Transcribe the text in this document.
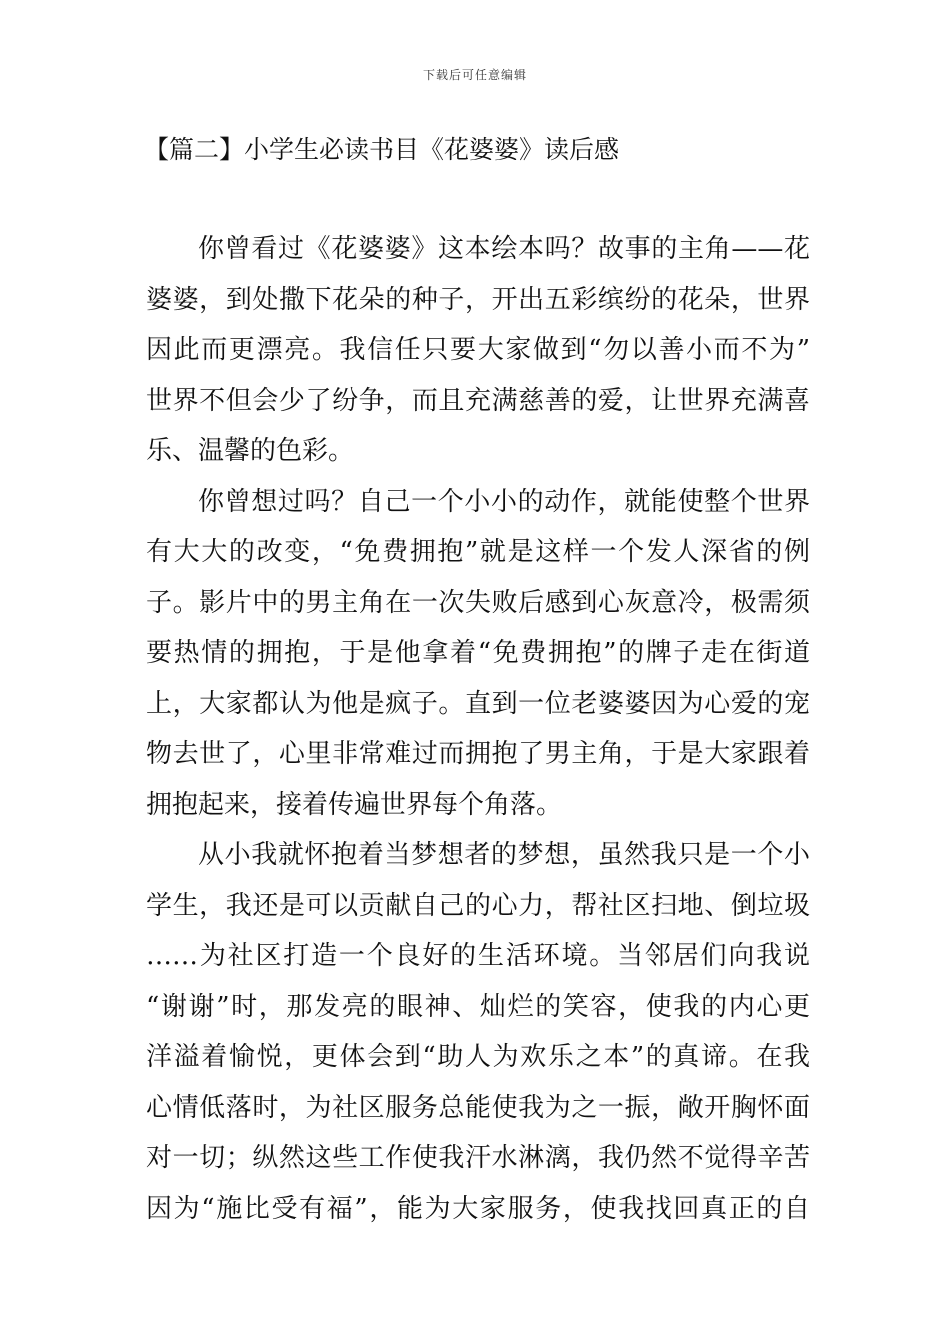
下载后可任意编辑
【篇二】小学生必读书目《花婆婆》读后感
你曾看过《花婆婆》这本绘本吗？故事的主角——花
婆婆，到处撒下花朵的种子，开出五彩缤纷的花朵，世界
因此而更漂亮。我信任只要大家做到“勿以善小而不为”
世界不但会少了纷争，而且充满慈善的爱，让世界充满喜
乐、温馨的色彩。
你曾想过吗？自己一个小小的动作，就能使整个世界
有大大的改变，“免费拥抱”就是这样一个发人深省的例
子。影片中的男主角在一次失败后感到心灰意冷，极需须
要热情的拥抱，于是他拿着“免费拥抱”的牌子走在街道
上，大家都认为他是疯子。直到一位老婆婆因为心爱的宠
物去世了，心里非常难过而拥抱了男主角，于是大家跟着
拥抱起来，接着传遍世界每个角落。
从小我就怀抱着当梦想者的梦想，虽然我只是一个小
学生，我还是可以贡献自己的心力，帮社区扫地、倒垃圾
……为社区打造一个良好的生活环境。当邻居们向我说
“谢谢”时，那发亮的眼神、灿烂的笑容，使我的内心更
洋溢着愉悦，更体会到“助人为欢乐之本”的真谛。在我
心情低落时，为社区服务总能使我为之一振，敞开胸怀面
对一切；纵然这些工作使我汗水淋漓，我仍然不觉得辛苦
因为“施比受有福”，能为大家服务，使我找回真正的自
